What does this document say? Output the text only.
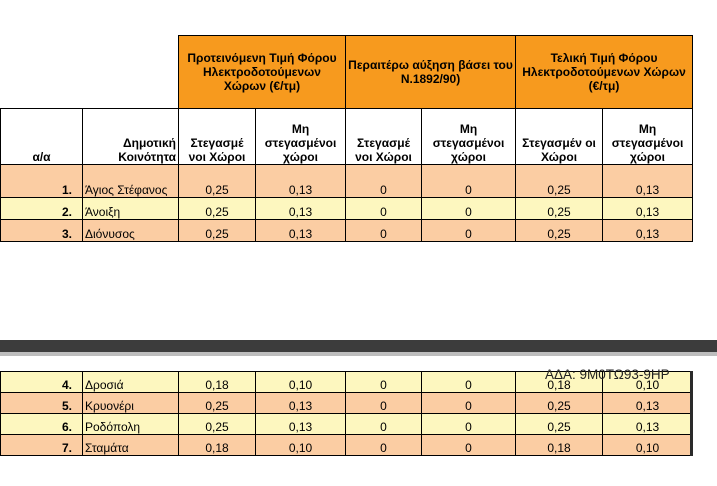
		Προτεινόμενη Τιμή Φόρου Ηλεκτροδοτούμενων Χώρων (€/τμ)		Περαιτέρω αύξηση βάσει του Ν.1892/90)		Τελική Τιμή Φόρου Ηλεκτροδοτούμενων Χώρων (€/τμ)	
α/α	Δημοτική Κοινότητα	Στεγασμέ νοι Χώροι	Μη στεγασμένοι χώροι	Στεγασμέ νοι Χώροι	Μη στεγασμένοι χώροι	Στεγασμέν οι Χώροι	Μη στεγασμένοι χώροι
1.	Άγιος Στέφανος	0,25	0,13	0	0	0,25	0,13
2.	Άνοιξη	0,25	0,13	0	0	0,25	0,13
3.	Διόνυσος	0,25	0,13	0	0	0,25	0,13
4.	Δροσιά	0,18	0,10	0	0	0,18	0,10
5.	Κρυονέρι	0,25	0,13	0	0	0,25	0,13
6.	Ροδόπολη	0,25	0,13	0	0	0,25	0,13
7.	Σταμάτα	0,18	0,10	0	0	0,18	0,10
ΑΔΑ: 9Μ0ΤΩ93-9ΗΡ
